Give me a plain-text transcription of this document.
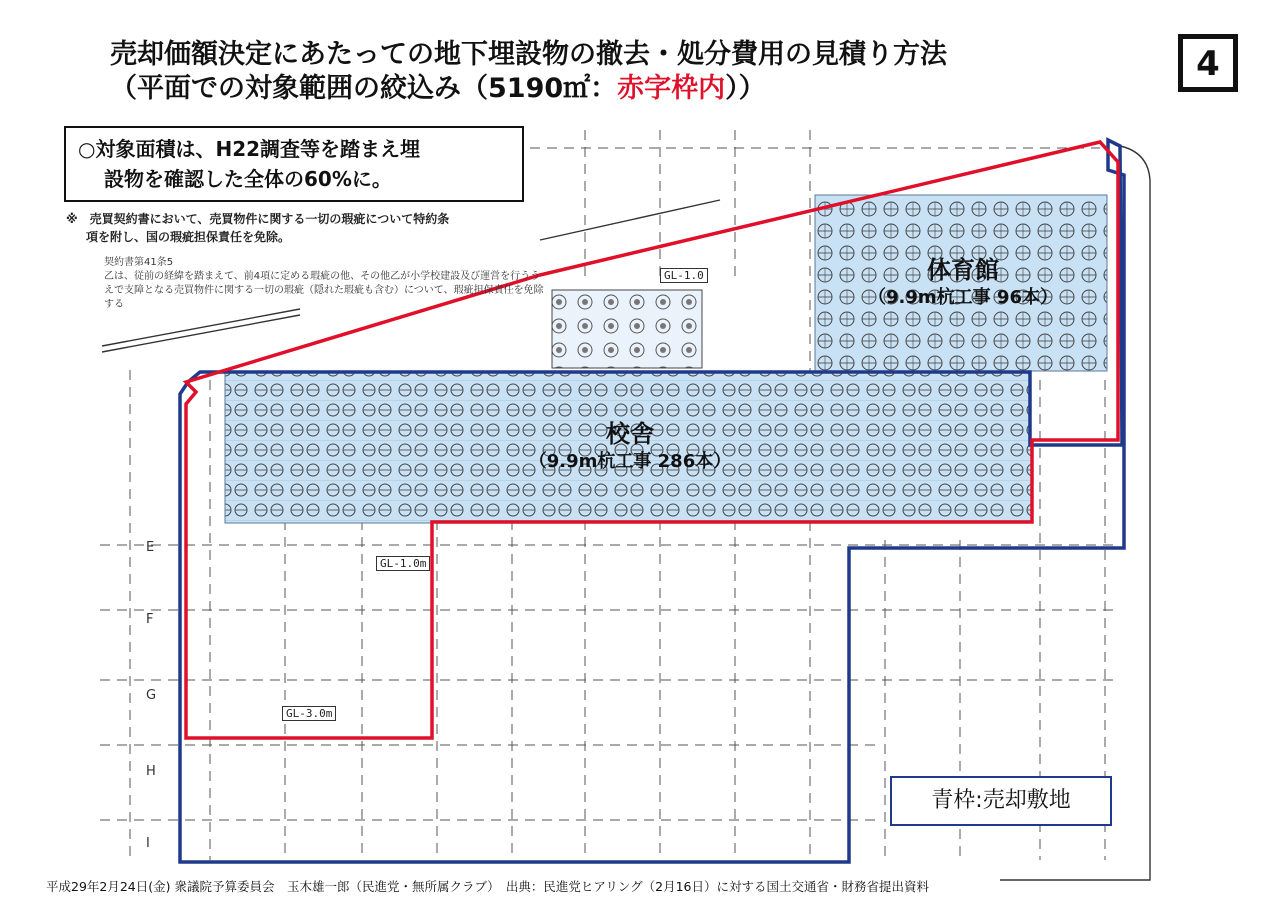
売却価額決定にあたっての地下埋設物の撤去・処分費用の見積り方法

（平面での対象範囲の絞込み（5190㎡：赤字枠内））
4
○対象面積は、H22調査等を踏まえ埋
設物を確認した全体の60%に。
※　売買契約書において、売買物件に関する一切の瑕疵について特約条
項を附し、国の瑕疵担保責任を免除。
契約書第41条5
乙は、従前の経緯を踏まえて、前4項に定める瑕疵の他、その他乙が小学校建設及び運営を行ううえで支障となる売買物件に関する一切の瑕疵（隠れた瑕疵も含む）について、瑕疵担保責任を免除する
GL-1.0
GL-1.0m
GL-3.0m
E
F
G
H
I
体育館
（9.9m杭工事 96本）
校舎
（9.9m杭工事 286本）
青枠:売却敷地
平成29年2月24日(金) 衆議院予算委員会　玉木雄一郎（民進党・無所属クラブ）　出典：民進党ヒアリング（2月16日）に対する国土交通省・財務省提出資料
